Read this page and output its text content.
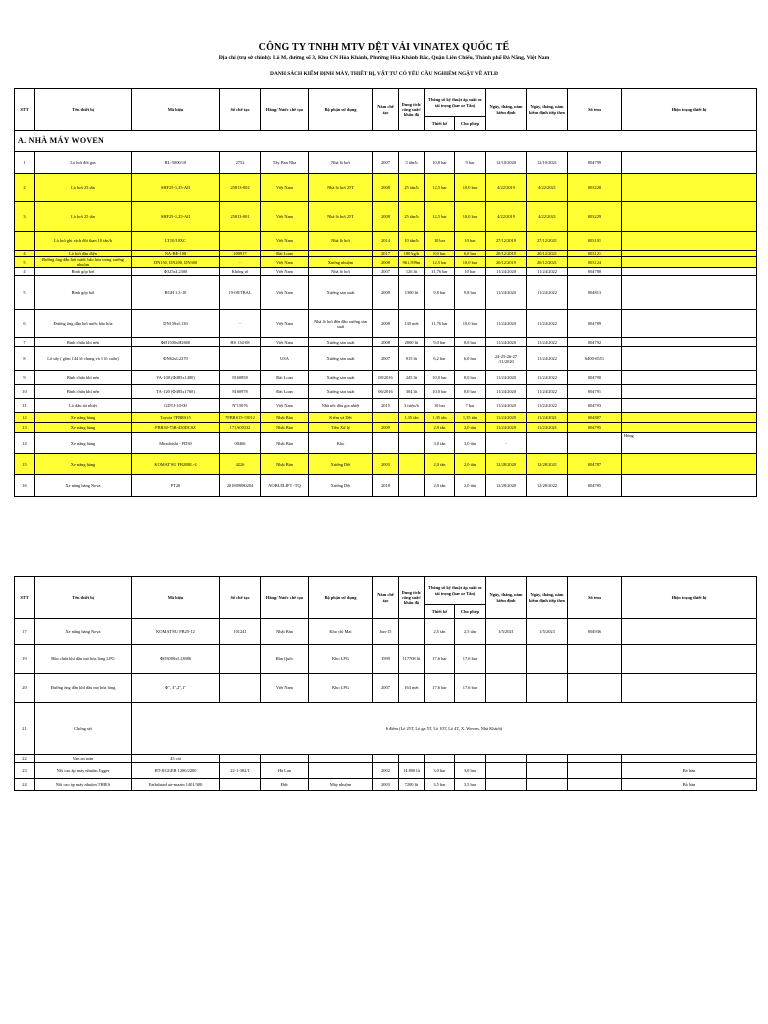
CÔNG TY TNHH MTV DỆT VẢI VINATEX QUỐC TẾ
Địa chỉ (trụ sở chính): Lô M, đường số 3, Khu CN Hòa Khánh, Phường Hòa Khánh Bắc, Quận Liên Chiểu, Thành phố Đà Nẵng, Việt Nam
DANH SÁCH KIỂM ĐỊNH MÁY, THIẾT BỊ, VẬT TƯ CÓ YÊU CẦU NGHIÊM NGẶT VỀ ATLĐ
STT	Tên thiết bị	Mã hiệu	Số chế tạo	Hãng/ Nước chế tạo	Bộ phận sử dụng	Năm chế tạo	Dung tích/ công suất/ khẩu độ	Thông số kỹ thuật áp suất or tải trọng (bar or Tấn)		Ngày, tháng, năm kiểm định	Ngày, tháng, năm kiểm định tiếp theo	Số tem	Hiện trạng thiết bị
								Thiết kế	Cho phép				
A. NHÀ MÁY WOVEN													
1	Lò hơi đốt gas	RL-5000/10	2752	Tây Ban Nha	Nhà lò hơi	2007	5 tấn/h	10,8 bar	9 bar	12/10/2020	12/10/2021	004799	
2	Lò hơi 25 tấn	SHF25-1,25-AII	25813-002	Việt Nam	Nhà lò hơi 25T	2008	25 tấn/h	12,5 bar	10,0 bar	4/22/2019	4/22/2021	003228	
3	Lò hơi 25 tấn	SHF25-1,25-AII	25813-001	Việt Nam	Nhà lò hơi 25T	2008	25 tấn/h	12,5 bar	10,0 bar	4/22/2019	4/22/2021	003229	
	Lò hơi ghi xích đốt than 10 tấn/h	LT10/10XC		Việt Nam	Nhà lò hơi	2014	10 tấn/h	10 bar	10 bar	27/12/2019	27/12/2021	003101	
4	Lò hơi dầu điện	NA-BE-108	200917	Đài Loan		2017	100 kg/h	8,0 bar	6,0 bar	20/12/2019	20/12/2021	003121	
5	Đường ống dẫn hơi nước bão hòa trong xưởng nhuộm	DN150, DN200, DN300	-	Việt Nam	Xưởng nhuộm	2008	961,599m	12,5 bar	10,0 bar	20/12/2019	20/12/2021	003124	
4	Bình góp hơi	Φ325xL2300	Không rõ	Việt Nam	Nhà lò hơi	2007	126 lít	11,76 bar	10 bar	11/24/2020	11/24/2022	004788	
5	Bình góp hơi	BGH 1.3-10	19-08/TBAL	Việt Nam	Xưởng sản xuất	2008	1300 lít	9,8 bar	9,8 bar	11/24/2020	11/24/2022	004813	
6	Đường ống dẫn hơi nước bão hòa	DN150xL130	-	Việt Nam	Nhà lò hơi đến đầu xưởng sản xuất	2008	130 mét	11,76 bar	10,0 bar	11/24/2020	11/24/2022	004789	
7	Bình chứa khí nén	ΦØ1500xH2600	HS 134-08	Việt Nam	Xưởng sản xuất	2008	2000 lít	9,0 bar	8,0 bar	11/24/2020	11/24/2022	004792	
8	Lô sấy ( gồm 144 lô chung và 1 lô cuốn)	ΦN62xL2270		USA	Xưởng sản xuất	2007	915 lít	6,2 bar	6,0 bar	24-25-26-27 /11/2020	11/24/2022	6400-6551	
9	Bình chứa khí nén	VA-100 (Φ485x1480)	8160858	Đài Loan	Xưởng sản xuất	08/2016	245 lít	10,0 bar	8,0 bar	11/24/2020	11/24/2022	004790	
10	Bình chứa khí nén	TA-120 (Φ485x1760)	8160978	Đài Loan	Xưởng sản xuất	06/2016	304 lít	10,0 bar	8,0 bar	11/24/2020	11/24/2022	004791	
11	Lò dầu tải nhiệt	GDTJ-10-00	Nº15076	Việt Nam	Nhà nồi dầu gia nhiệt	2015	3 triệu/h	10 bar	7 bar	11/24/2020	11/24/2022	004793	
12	Xe nâng hàng	Toyota 7FBRS15	7FBRS15-15012	Nhật Bản	Kiểm và Dệt		1,35 tấn	1,35 tấn	1,35 tấn	11/24/2020	11/24/2021	004807	
13	Xe nâng hàng	FBR30-75B-450DCSZ	171A00332	Nhật Bản	Tiền Xử lý	2009		2,9 tấn	2,0 tấn	11/24/2020	11/24/2021	004795	
14	Xe nâng hàng	Mitsubishi - FD30	00466	Nhật Bản	Kho			3,0 tấn	3,0 tấn	-			Hỏng
15	Xe nâng hàng	KOMAT'SU FB20RL-4	4226	Nhật Bản	Xưởng Dệt	2003		2,0 tấn	2,0 tấn	12/28/2020	12/28/2021	004787	
16	Xe nâng hàng Nova	PT20	201809080204	NOBLELIFT -TQ	Xưởng Dệt	2018		2,0 tấn	2,0 tấn	12/28/2020	12/28/2022	004785	
STT	Tên thiết bị	Mã hiệu	Số chế tạo	Hãng/ Nước chế tạo	Bộ phận sử dụng	Năm chế tạo	Dung tích/ công suất/ khẩu độ	Thông số kỹ thuật áp suất or tải trọng (bar or Tấn)		Ngày, tháng, năm kiểm định	Ngày, tháng, năm kiểm định tiếp theo	Số tem	Hiện trạng thiết bị
								Thiết kế	Cho phép				
17	Xe nâng hàng Nova	KOMAT'SU FB25-12	101241	Nhật Bản	Kho chỉ Mai	Jun-15		2,5 tấn	2,5 tấn	1/5/2021	1/5/2023	004936	
19	Bồn chứa khí dầu mỏ hóa lỏng LPG	ΦØ3000xL13886		Hàn Quốc	Kho LPG	1999	117708 lít	17,6 bar	17,6 bar				
20	Đường ống dẫn khí dầu mỏ hóa lỏng	Φ", 3",2",1"		Việt Nam	Kho LPG	2007	163 mét	17,6 bar	17,6 bar				
21	Chống sét	6 điểm (Lò 25T, Lò ga 5T, Lò 10T, Lò 4T, X. Woven, Nhà Khách)											
22	Van an toàn	45 cái											
23	Nồi cao áp máy nhuộm Jigger	HT-JIGGER 1200/2200	22-1-382/1	Hà Lan		2002	14.800 lít	3,0 bar	3,0 bar				Bỏ hàn
24	Nồi cao áp máy nhuộm THIES	Farbsbaad air-mazin 1401/300		Đức	Máy nhuộm	2003	7200 lít	3,5 bar	3,5 bar				Bỏ hàn
